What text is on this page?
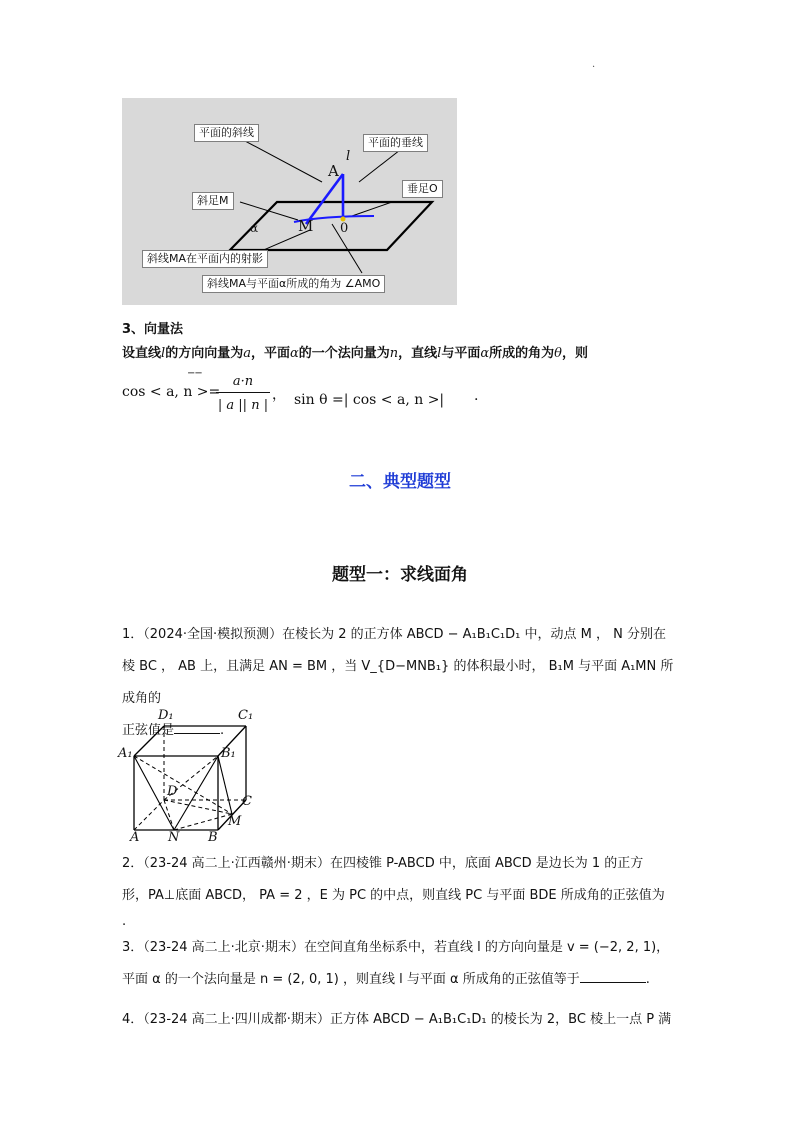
·
平面的斜线
平面的垂线
l
A
斜足M
垂足O
α	M 0
斜线MA在平面内的射影
斜线MA与平面α所成的角为 ∠AMO
3、向量法
设直线l的方向向量为a，平面α的一个法向量为n，直线l与平面α所成的角为θ，则
−−
cos < a, n >=
a·n
| a || n |
， sin θ =| cos < a, n >| .
二、典型题型
题型一：求线面角
1．（2024·全国·模拟预测）在棱长为 2 的正方体 ABCD − A₁B₁C₁D₁ 中，动点 M ， N 分别在
棱 BC ， AB 上，且满足 AN = BM ，当 V_{D−MNB₁} 的体积最小时， B₁M 与平面 A₁MN 所成角的
正弦值是	.
D₁	C₁
A₁	B₁
D
C
A N B
M
2．（23-24 高二上·江西赣州·期末）在四棱锥 P-ABCD 中，底面 ABCD 是边长为 1 的正方
形，PA⊥底面 ABCD， PA = 2 ，E 为 PC 的中点，则直线 PC 与平面 BDE 所成角的正弦值为
.
3．（23-24 高二上·北京·期末）在空间直角坐标系中，若直线 l 的方向向量是 v = (−2, 2, 1)，
平面 α 的一个法向量是 n = (2, 0, 1) ，则直线 l 与平面 α 所成角的正弦值等于	.
4．（23-24 高二上·四川成都·期末）正方体 ABCD − A₁B₁C₁D₁ 的棱长为 2，BC 棱上一点 P 满
